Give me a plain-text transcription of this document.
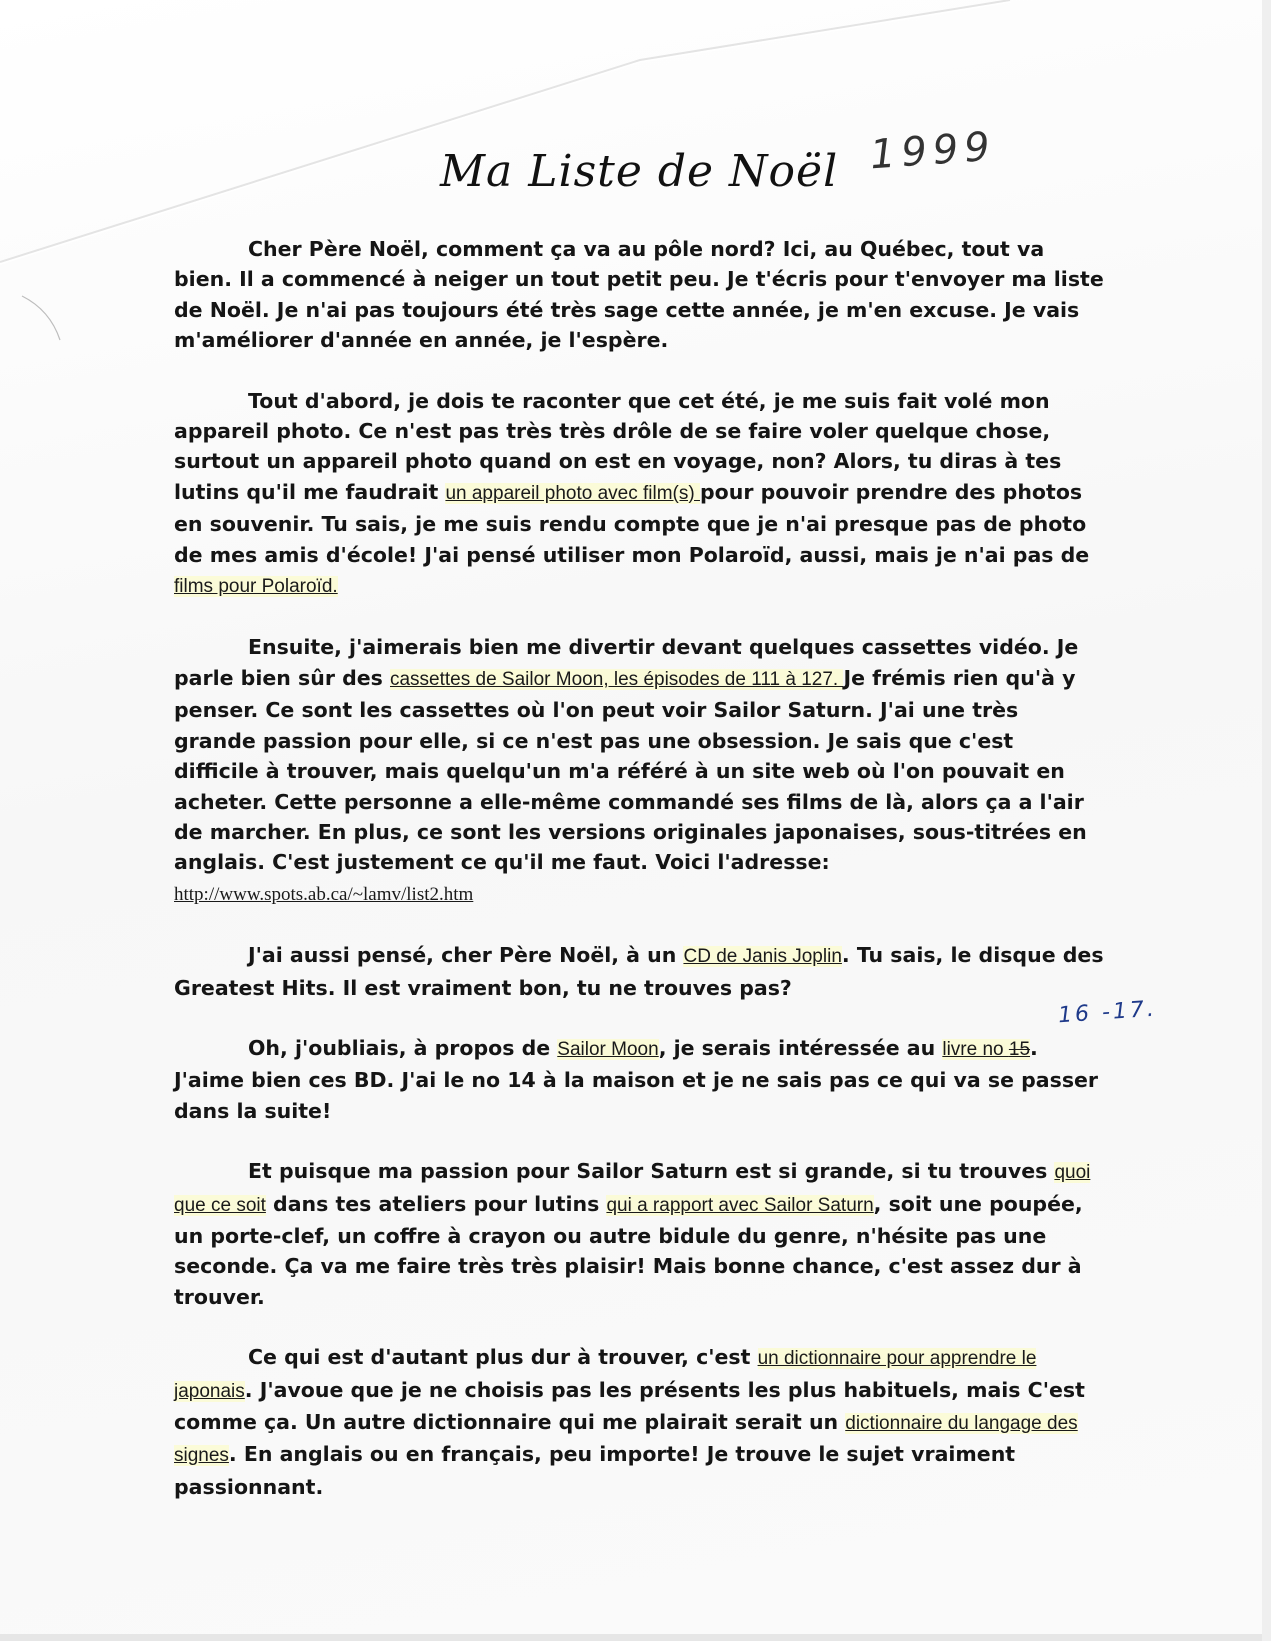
Ma Liste de Noël 1999

Cher Père Noël, comment ça va au pôle nord? Ici, au Québec, tout va bien. Il a commencé à neiger un tout petit peu. Je t'écris pour t'envoyer ma liste de Noël. Je n'ai pas toujours été très sage cette année, je m'en excuse. Je vais m'améliorer d'année en année, je l'espère.

Tout d'abord, je dois te raconter que cet été, je me suis fait volé mon appareil photo. Ce n'est pas très très drôle de se faire voler quelque chose, surtout un appareil photo quand on est en voyage, non? Alors, tu diras à tes lutins qu'il me faudrait un appareil photo avec film(s) pour pouvoir prendre des photos en souvenir. Tu sais, je me suis rendu compte que je n'ai presque pas de photo de mes amis d'école! J'ai pensé utiliser mon Polaroïd, aussi, mais je n'ai pas de films pour Polaroïd.

Ensuite, j'aimerais bien me divertir devant quelques cassettes vidéo. Je parle bien sûr des cassettes de Sailor Moon, les épisodes de 111 à 127. Je frémis rien qu'à y penser. Ce sont les cassettes où l'on peut voir Sailor Saturn. J'ai une très grande passion pour elle, si ce n'est pas une obsession. Je sais que c'est difficile à trouver, mais quelqu'un m'a référé à un site web où l'on pouvait en acheter. Cette personne a elle-même commandé ses films de là, alors ça a l'air de marcher. En plus, ce sont les versions originales japonaises, sous-titrées en anglais. C'est justement ce qu'il me faut. Voici l'adresse: http://www.spots.ab.ca/~lamv/list2.htm

J'ai aussi pensé, cher Père Noël, à un CD de Janis Joplin. Tu sais, le disque des Greatest Hits. Il est vraiment bon, tu ne trouves pas?

Oh, j'oubliais, à propos de Sailor Moon, je serais intéressée au livre no 15. J'aime bien ces BD. J'ai le no 14 à la maison et je ne sais pas ce qui va se passer dans la suite!

Et puisque ma passion pour Sailor Saturn est si grande, si tu trouves quoi que ce soit dans tes ateliers pour lutins qui a rapport avec Sailor Saturn, soit une poupée, un porte-clef, un coffre à crayon ou autre bidule du genre, n'hésite pas une seconde. Ça va me faire très très plaisir! Mais bonne chance, c'est assez dur à trouver.

Ce qui est d'autant plus dur à trouver, c'est un dictionnaire pour apprendre le japonais. J'avoue que je ne choisis pas les présents les plus habituels, mais C'est comme ça. Un autre dictionnaire qui me plairait serait un dictionnaire du langage des signes. En anglais ou en français, peu importe! Je trouve le sujet vraiment passionnant.

16 -17.
